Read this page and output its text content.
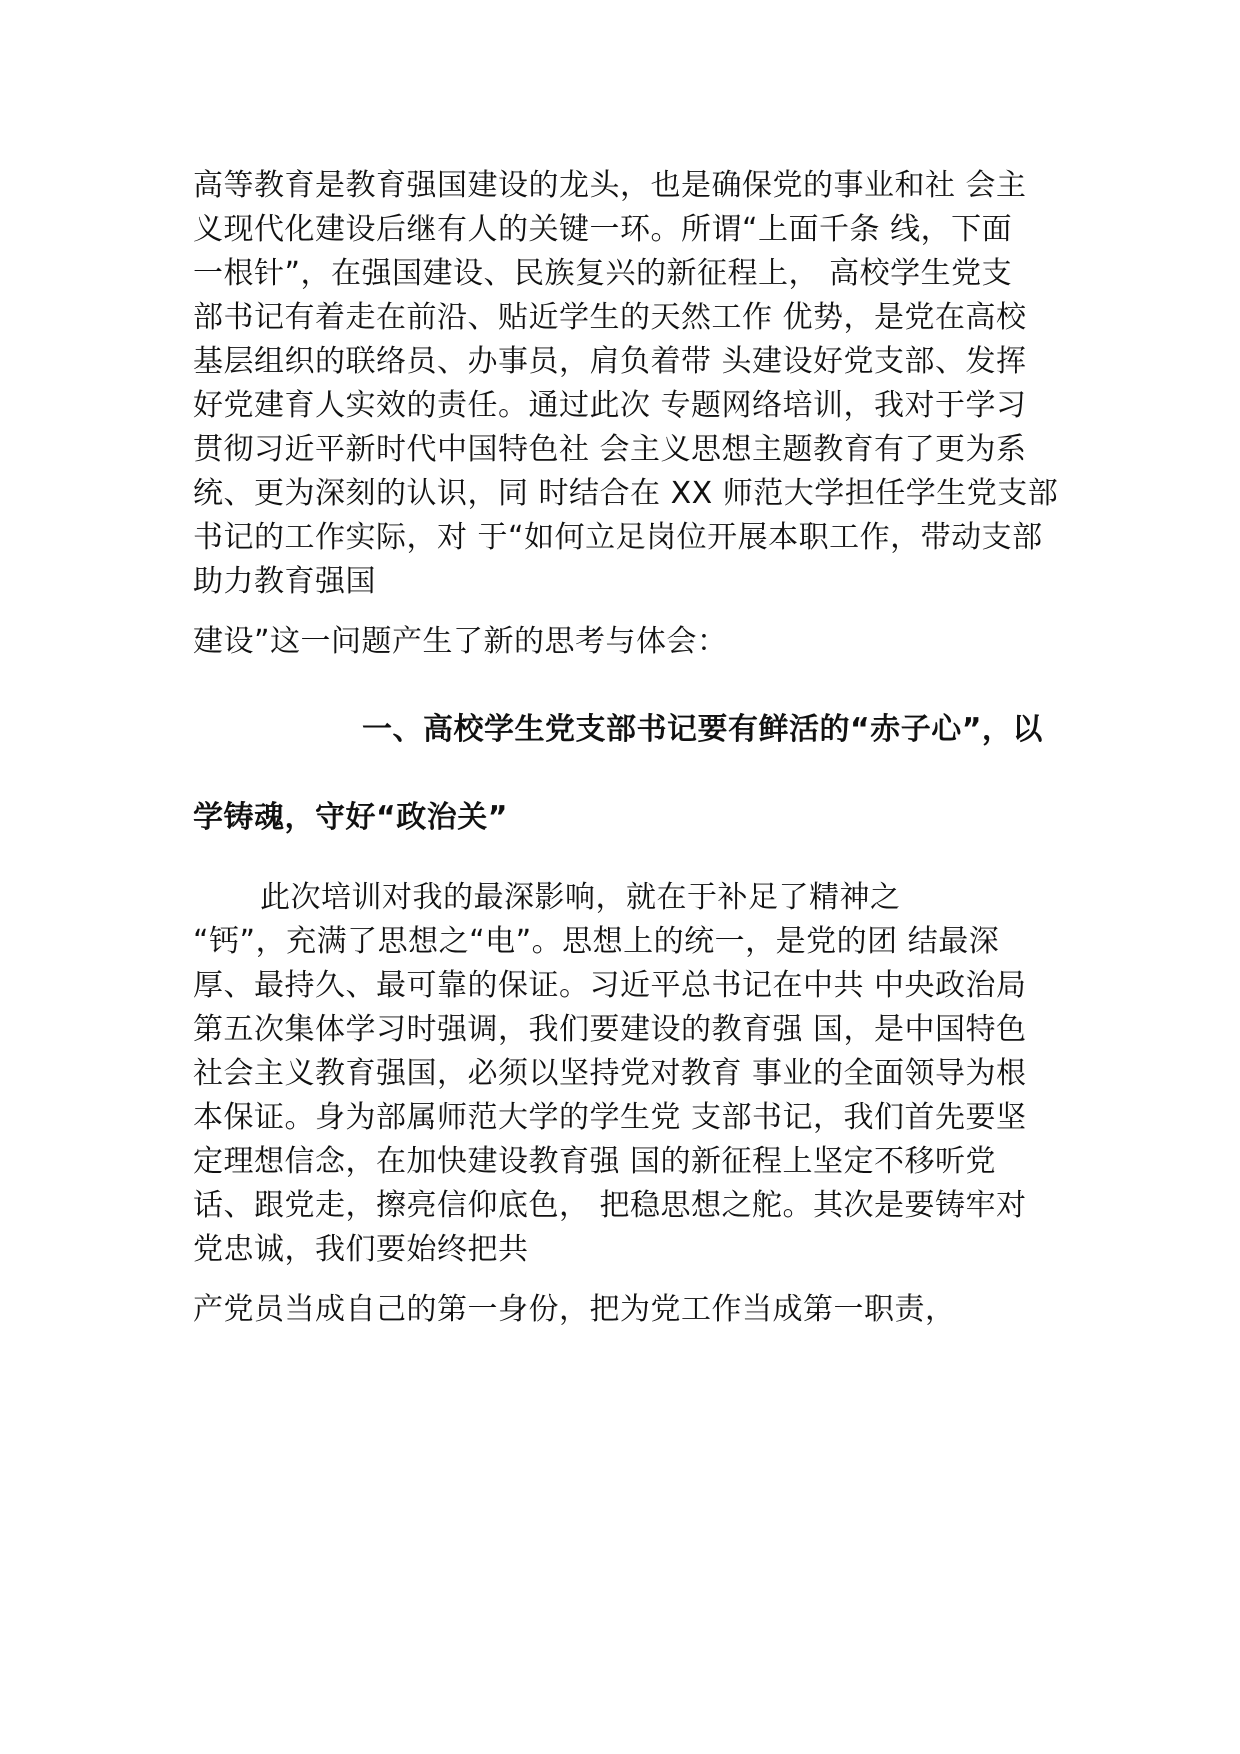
高等教育是教育强国建设的龙头，也是确保党的事业和社 会主
义现代化建设后继有人的关键一环。所谓“上面千条 线，下面
一根针”，在强国建设、民族复兴的新征程上， 高校学生党支
部书记有着走在前沿、贴近学生的天然工作 优势，是党在高校
基层组织的联络员、办事员，肩负着带 头建设好党支部、发挥
好党建育人实效的责任。通过此次 专题网络培训，我对于学习
贯彻习近平新时代中国特色社 会主义思想主题教育有了更为系
统、更为深刻的认识，同 时结合在 XX 师范大学担任学生党支部
书记的工作实际，对 于“如何立足岗位开展本职工作，带动支部
助力教育强国
建设”这一问题产生了新的思考与体会：
一、高校学生党支部书记要有鲜活的“赤子心”，以
学铸魂，守好“政治关”
此次培训对我的最深影响，就在于补足了精神之
“钙”，充满了思想之“电”。思想上的统一，是党的团 结最深
厚、最持久、最可靠的保证。习近平总书记在中共 中央政治局
第五次集体学习时强调，我们要建设的教育强 国，是中国特色
社会主义教育强国，必须以坚持党对教育 事业的全面领导为根
本保证。身为部属师范大学的学生党 支部书记，我们首先要坚
定理想信念，在加快建设教育强 国的新征程上坚定不移听党
话、跟党走，擦亮信仰底色， 把稳思想之舵。其次是要铸牢对
党忠诚，我们要始终把共
产党员当成自己的第一身份，把为党工作当成第一职责，
